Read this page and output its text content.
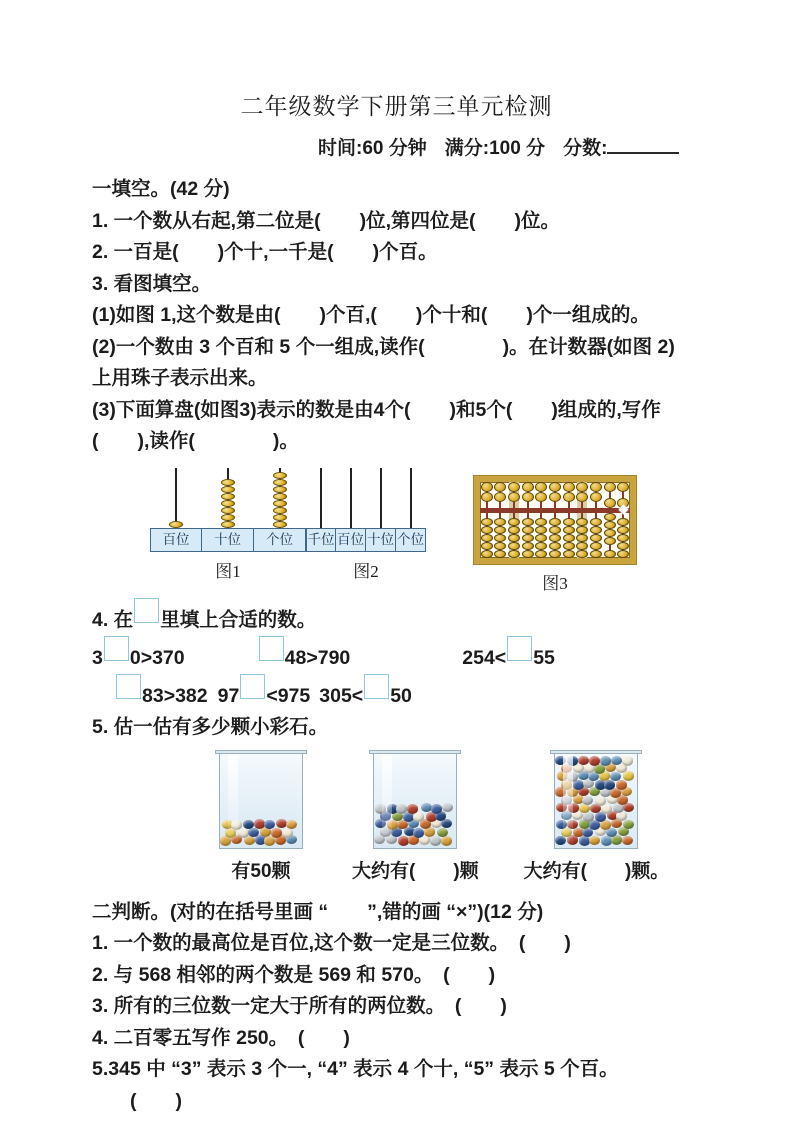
二年级数学下册第三单元检测
时间:60 分钟 满分:100 分 分数:

一填空。(42 分)

1. 一个数从右起,第二位是(　　)位,第四位是(　　)位。

2. 一百是(　　)个十,一千是(　　)个百。

3. 看图填空。

(1)如图 1,这个数是由(　　)个百,(　　)个十和(　　)个一组成的。

(2)一个数由 3 个百和 5 个一组成,读作(　　　　)。在计数器(如图 2)

上用珠子表示出来。

(3)下面算盘(如图3)表示的数是由4个(　　)和5个(　　)组成的,写作

(　　),读作(　　　　)。

百位	十位	个位
图1
千位 百位 十位 个位
图2
图3

4. 在 里填上合适的数。

3 0>370	48>790	254< 55
83>382 97 <975 305< 50

5. 估一估有多少颗小彩石。

有50颗	大约有(　　)颗 大约有(　　)颗。

二判断。(对的在括号里画 “　　”,错的画 “×”)(12 分)

1. 一个数的最高位是百位,这个数一定是三位数。　(　　)

2. 与 568 相邻的两个数是 569 和 570。　(　　)

3. 所有的三位数一定大于所有的两位数。　(　　)

4. 二百零五写作 250。　(　　)

5.345 中 “3” 表示 3 个一, “4” 表示 4 个十, “5” 表示 5 个百。

(　　)
